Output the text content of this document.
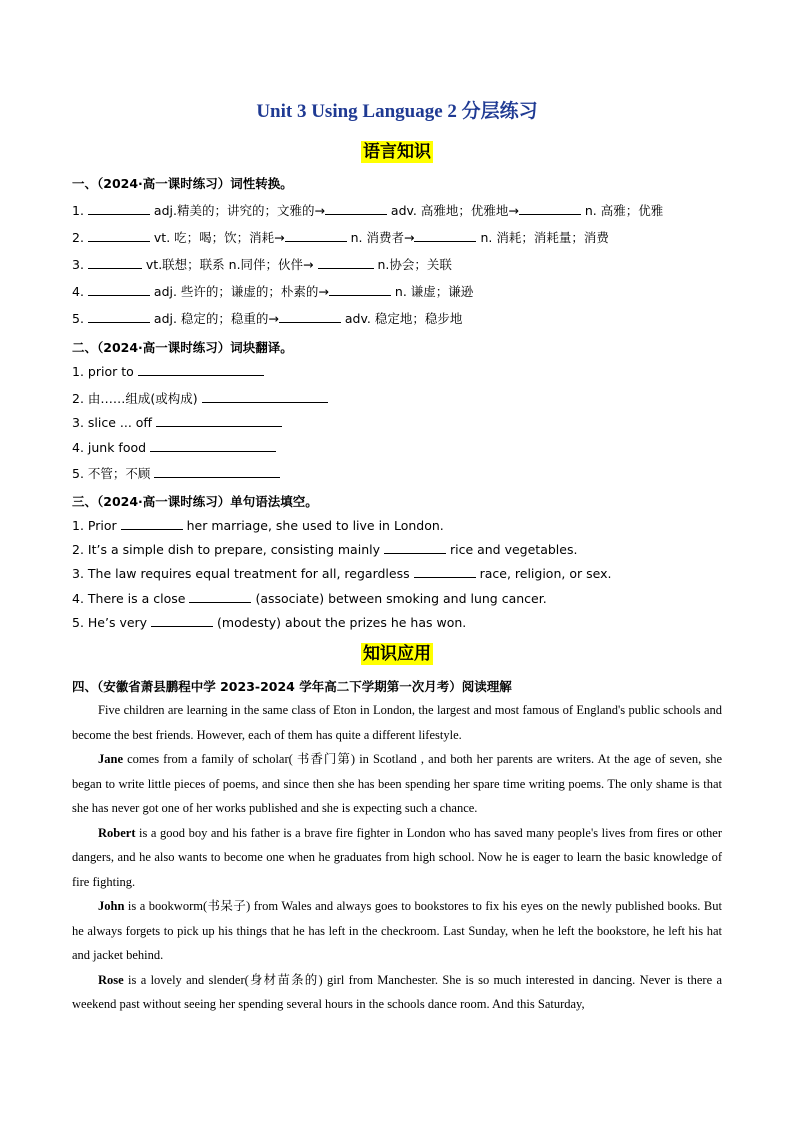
Unit 3 Using Language 2 分层练习
语言知识
一、（2024·高一课时练习）词性转换。
1.	adj.精美的；讲究的；文雅的→	adv. 高雅地；优雅地→	n. 高雅；优雅
2.	vt. 吃；喝；饮；消耗→	n. 消费者→	n. 消耗；消耗量；消费
3.	vt.联想；联系 n.同伴；伙伴→	n.协会；关联
4.	adj. 些许的；谦虚的；朴素的→	n. 谦虚；谦逊
5.	adj. 稳定的；稳重的→	adv. 稳定地；稳步地
二、（2024·高一课时练习）词块翻译。
1. prior to
2. 由……组成(或构成)
3. slice ... off
4. junk food
5. 不管；不顾
三、（2024·高一课时练习）单句语法填空。
1. Prior	her marriage, she used to live in London.
2. It’s a simple dish to prepare, consisting mainly	rice and vegetables.
3. The law requires equal treatment for all, regardless	race, religion, or sex.
4. There is a close	(associate) between smoking and lung cancer.
5. He’s very	(modesty) about the prizes he has won.
知识应用
四、（安徽省萧县鹏程中学 2023-2024 学年高二下学期第一次月考）阅读理解
Five children are learning in the same class of Eton in London, the largest and most famous of England's public schools and become the best friends. However, each of them has quite a different lifestyle.
Jane comes from a family of scholar( 书香门第) in Scotland , and both her parents are writers. At the age of seven, she began to write little pieces of poems, and since then she has been spending her spare time writing poems. The only shame is that she has never got one of her works published and she is expecting such a chance.
Robert is a good boy and his father is a brave fire fighter in London who has saved many people's lives from fires or other dangers, and he also wants to become one when he graduates from high school. Now he is eager to learn the basic knowledge of fire fighting.
John is a bookworm(书呆子) from Wales and always goes to bookstores to fix his eyes on the newly published books. But he always forgets to pick up his things that he has left in the checkroom. Last Sunday, when he left the bookstore, he left his hat and jacket behind.
Rose is a lovely and slender(身材苗条的) girl from Manchester. She is so much interested in dancing. Never is there a weekend past without seeing her spending several hours in the schools dance room. And this Saturday,
